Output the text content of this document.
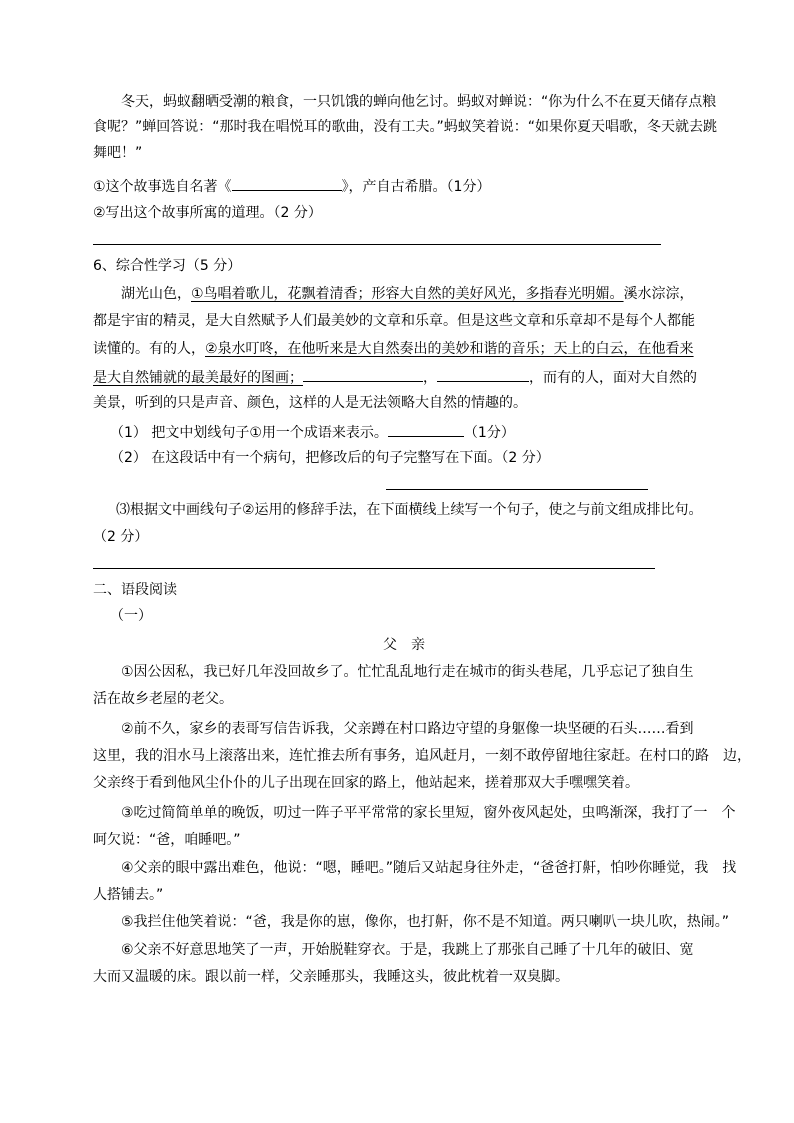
冬天，蚂蚁翻晒受潮的粮食，一只饥饿的蝉向他乞讨。蚂蚁对蝉说：“你为什么不在夏天储存点粮
食呢？”蝉回答说：“那时我在唱悦耳的歌曲，没有工夫。”蚂蚁笑着说：“如果你夏天唱歌，冬天就去跳
舞吧！”
①这个故事选自名著《	》，产自古希腊。（1分）
②写出这个故事所寓的道理。（2 分）
6、综合性学习（5 分）
湖光山色，①鸟唱着歌儿，花飘着清香；形容大自然的美好风光，多指春光明媚。溪水淙淙，
都是宇宙的精灵，是大自然赋予人们最美妙的文章和乐章。但是这些文章和乐章却不是每个人都能
读懂的。有的人，②泉水叮咚，在他听来是大自然奏出的美妙和谐的音乐；天上的白云，在他看来
是大自然铺就的最美最好的图画；	，	，而有的人，面对大自然的
美景，听到的只是声音、颜色，这样的人是无法领略大自然的情趣的。
（1） 把文中划线句子①用一个成语来表示。	（1分）
（2） 在这段话中有一个病句，把修改后的句子完整写在下面。（2 分）
⑶根据文中画线句子②运用的修辞手法，在下面横线上续写一个句子，使之与前文组成排比句。
（2 分）
二、语段阅读
（一）
父亲
①因公因私，我已好几年没回故乡了。忙忙乱乱地行走在城市的街头巷尾，几乎忘记了独自生
活在故乡老屋的老父。
②前不久，家乡的表哥写信告诉我，父亲蹲在村口路边守望的身躯像一块坚硬的石头……看到
这里，我的泪水马上滚落出来，连忙推去所有事务，追风赶月，一刻不敢停留地往家赶。在村口的路　边，
父亲终于看到他风尘仆仆的儿子出现在回家的路上，他站起来，搓着那双大手嘿嘿笑着。
③吃过简简单单的晚饭，叨过一阵子平平常常的家长里短，窗外夜风起处，虫鸣渐深，我打了一　个
呵欠说：“爸，咱睡吧。”
④父亲的眼中露出难色，他说：“嗯，睡吧。”随后又站起身往外走，“爸爸打鼾，怕吵你睡觉，我　找
人搭铺去。”
⑤我拦住他笑着说：“爸，我是你的崽，像你，也打鼾，你不是不知道。两只喇叭一块儿吹，热闹。”
⑥父亲不好意思地笑了一声，开始脱鞋穿衣。于是，我跳上了那张自己睡了十几年的破旧、宽
大而又温暖的床。跟以前一样，父亲睡那头，我睡这头，彼此枕着一双臭脚。
